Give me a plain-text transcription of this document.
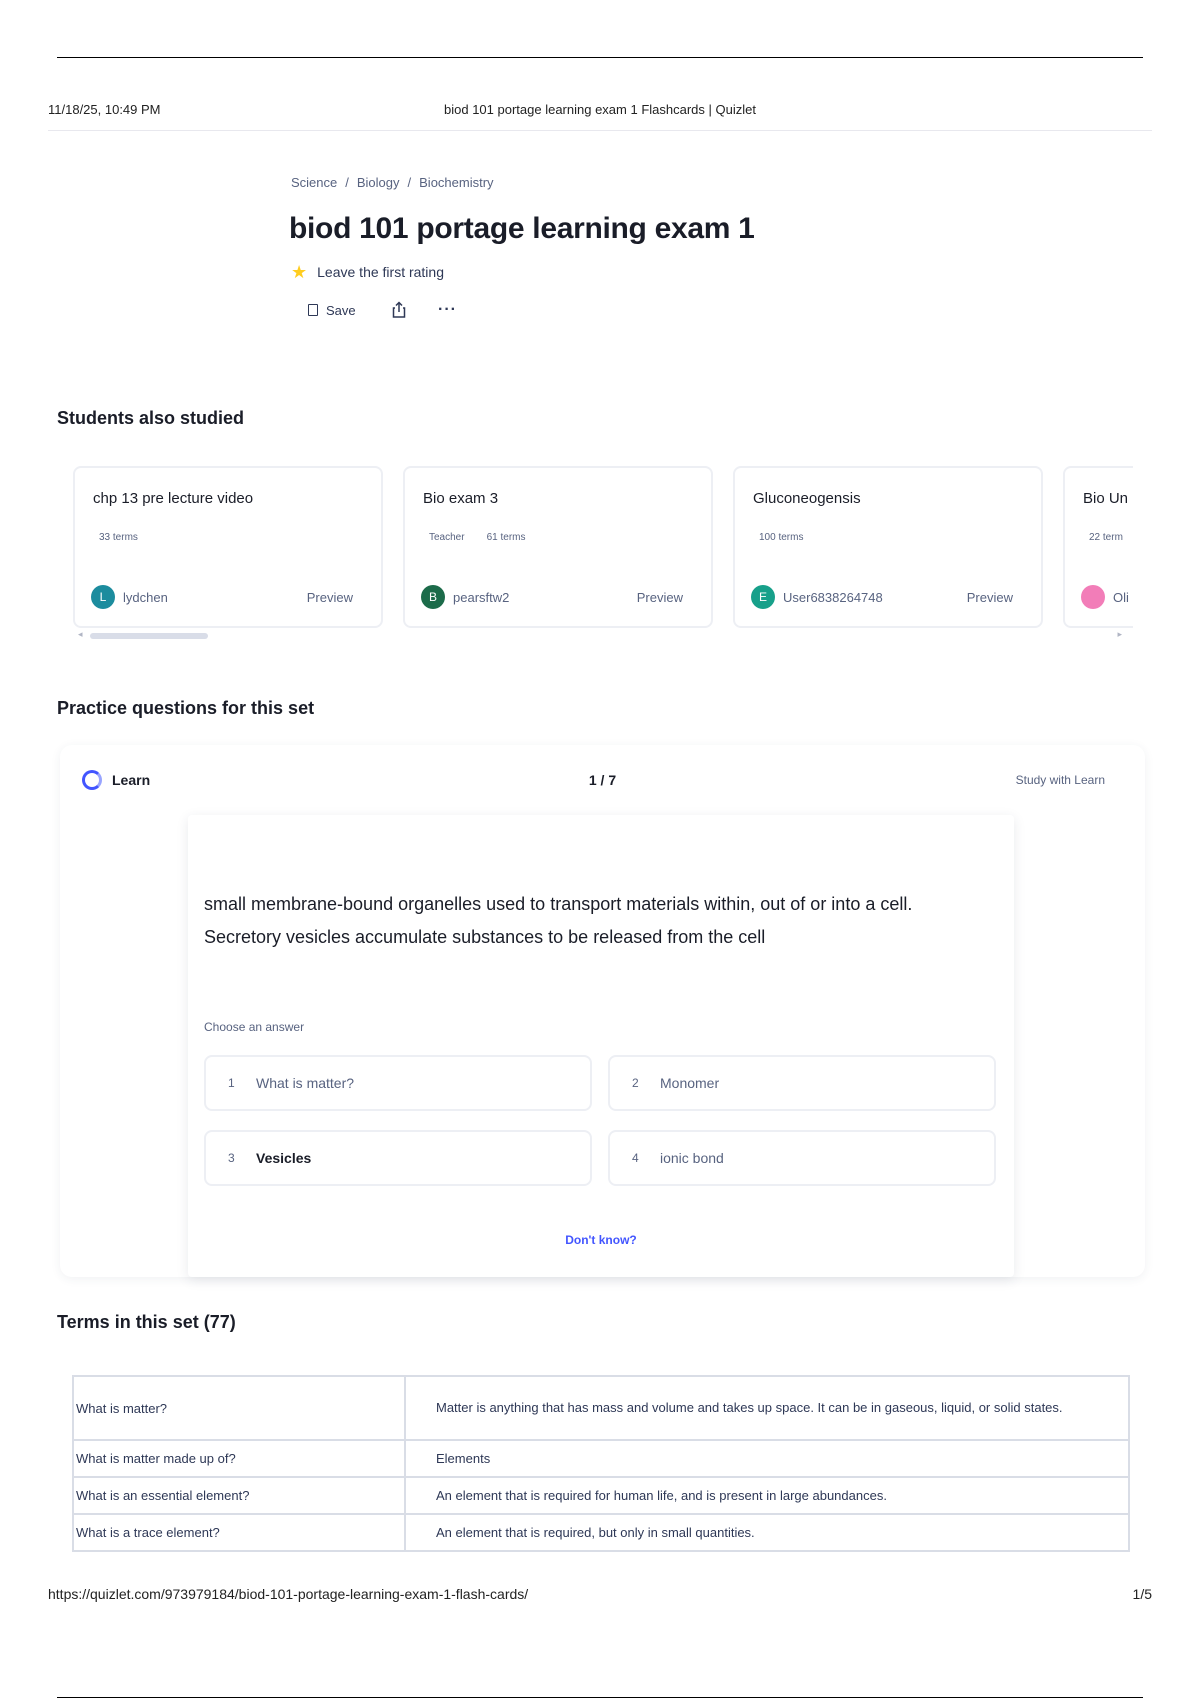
11/18/25, 10:49 PM	biod 101 portage learning exam 1 Flashcards | Quizlet
Science / Biology / Biochemistry
biod 101 portage learning exam 1
★ Leave the first rating
Save	···
Students also studied
chp 13 pre lecture video
33 terms
L	lydchen	Preview
Bio exam 3
Teacher 61 terms
B	pearsftw2	Preview
Gluconeogensis
100 terms
E	User6838264748	Preview
Bio Un
22 term
Oli
◂	▸
Practice questions for this set
Learn	1 / 7	Study with Learn

small membrane-bound organelles used to transport materials within, out of or into a cell. Secretory vesicles accumulate substances to be released from the cell

Choose an answer
1	What is matter?	2	Monomer
3	Vesicles	4	ionic bond
Don't know?
Terms in this set (77)
What is matter?	Matter is anything that has mass and volume and takes up space. It can be in gaseous, liquid, or solid states.
What is matter made up of?	Elements
What is an essential element?	An element that is required for human life, and is present in large abundances.
What is a trace element?	An element that is required, but only in small quantities.
https://quizlet.com/973979184/biod-101-portage-learning-exam-1-flash-cards/	1/5
